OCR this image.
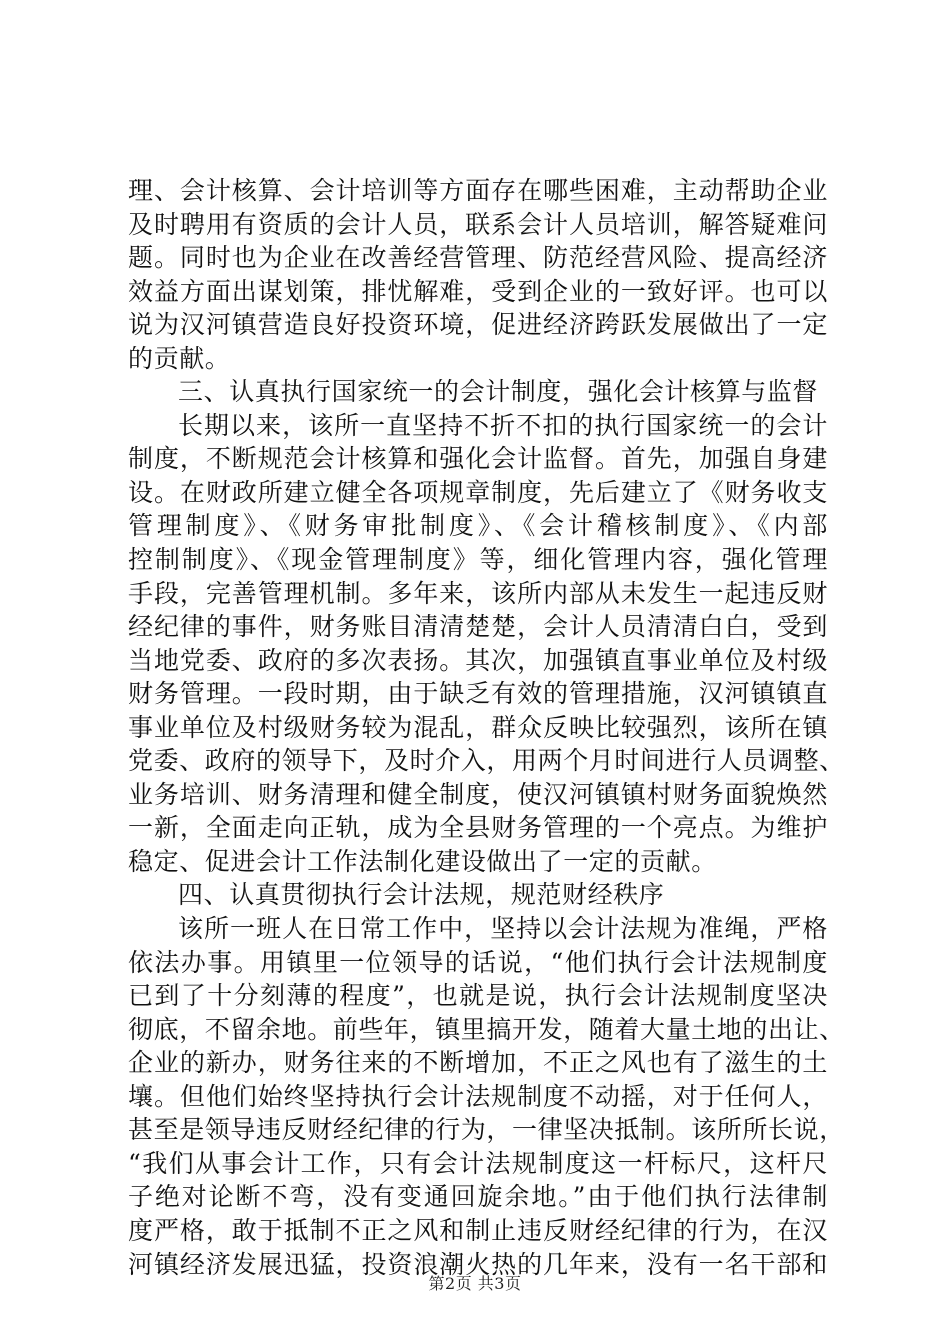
理、会计核算、会计培训等方面存在哪些困难，主动帮助企业
及时聘用有资质的会计人员，联系会计人员培训，解答疑难问
题。同时也为企业在改善经营管理、防范经营风险、提高经济
效益方面出谋划策，排忧解难，受到企业的一致好评。也可以
说为汉河镇营造良好投资环境，促进经济跨跃发展做出了一定
的贡献。
三、认真执行国家统一的会计制度，强化会计核算与监督
长期以来，该所一直坚持不折不扣的执行国家统一的会计
制度，不断规范会计核算和强化会计监督。首先，加强自身建
设。在财政所建立健全各项规章制度，先后建立了《财务收支
管理制度》、《财务审批制度》、《会计稽核制度》、《内部
控制制度》、《现金管理制度》等，细化管理内容，强化管理
手段，完善管理机制。多年来，该所内部从未发生一起违反财
经纪律的事件，财务账目清清楚楚，会计人员清清白白，受到
当地党委、政府的多次表扬。其次，加强镇直事业单位及村级
财务管理。一段时期，由于缺乏有效的管理措施，汉河镇镇直
事业单位及村级财务较为混乱，群众反映比较强烈，该所在镇
党委、政府的领导下，及时介入，用两个月时间进行人员调整、
业务培训、财务清理和健全制度，使汉河镇镇村财务面貌焕然
一新，全面走向正轨，成为全县财务管理的一个亮点。为维护
稳定、促进会计工作法制化建设做出了一定的贡献。
四、认真贯彻执行会计法规，规范财经秩序
该所一班人在日常工作中，坚持以会计法规为准绳，严格
依法办事。用镇里一位领导的话说，“他们执行会计法规制度
已到了十分刻薄的程度”，也就是说，执行会计法规制度坚决
彻底，不留余地。前些年，镇里搞开发，随着大量土地的出让、
企业的新办，财务往来的不断增加，不正之风也有了滋生的土
壤。但他们始终坚持执行会计法规制度不动摇，对于任何人，
甚至是领导违反财经纪律的行为，一律坚决抵制。该所所长说，
“我们从事会计工作，只有会计法规制度这一杆标尺，这杆尺
子绝对论断不弯，没有变通回旋余地。”由于他们执行法律制
度严格，敢于抵制不正之风和制止违反财经纪律的行为，在汉
河镇经济发展迅猛，投资浪潮火热的几年来，没有一名干部和
第2页 共3页
